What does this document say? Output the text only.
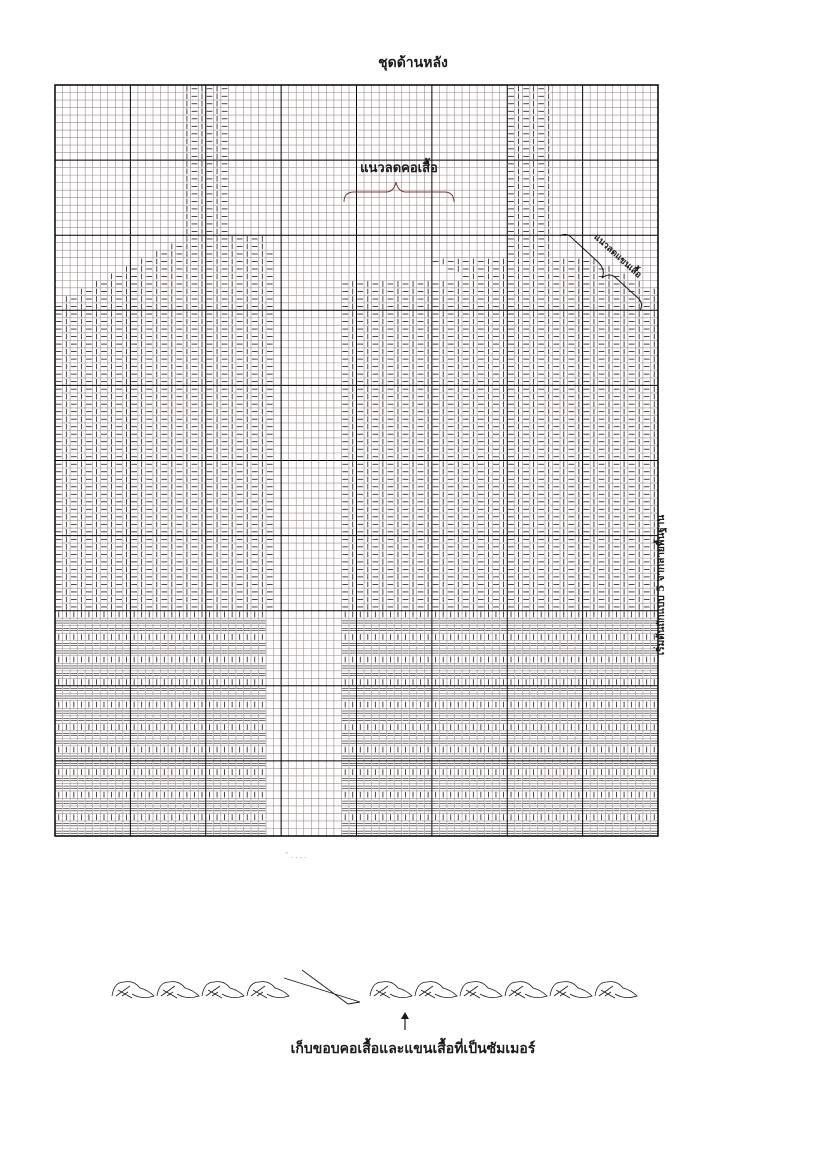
ชุดด้านหลัง
แนวลดคอเสื้อ
แนวลดแขนเสื้อ
เริ่มต้นถักแบบ 5 จากลายพื้นฐาน
ˆ . . . .
เก็บขอบคอเสื้อและแขนเสื้อที่เป็นซัมเมอร์
